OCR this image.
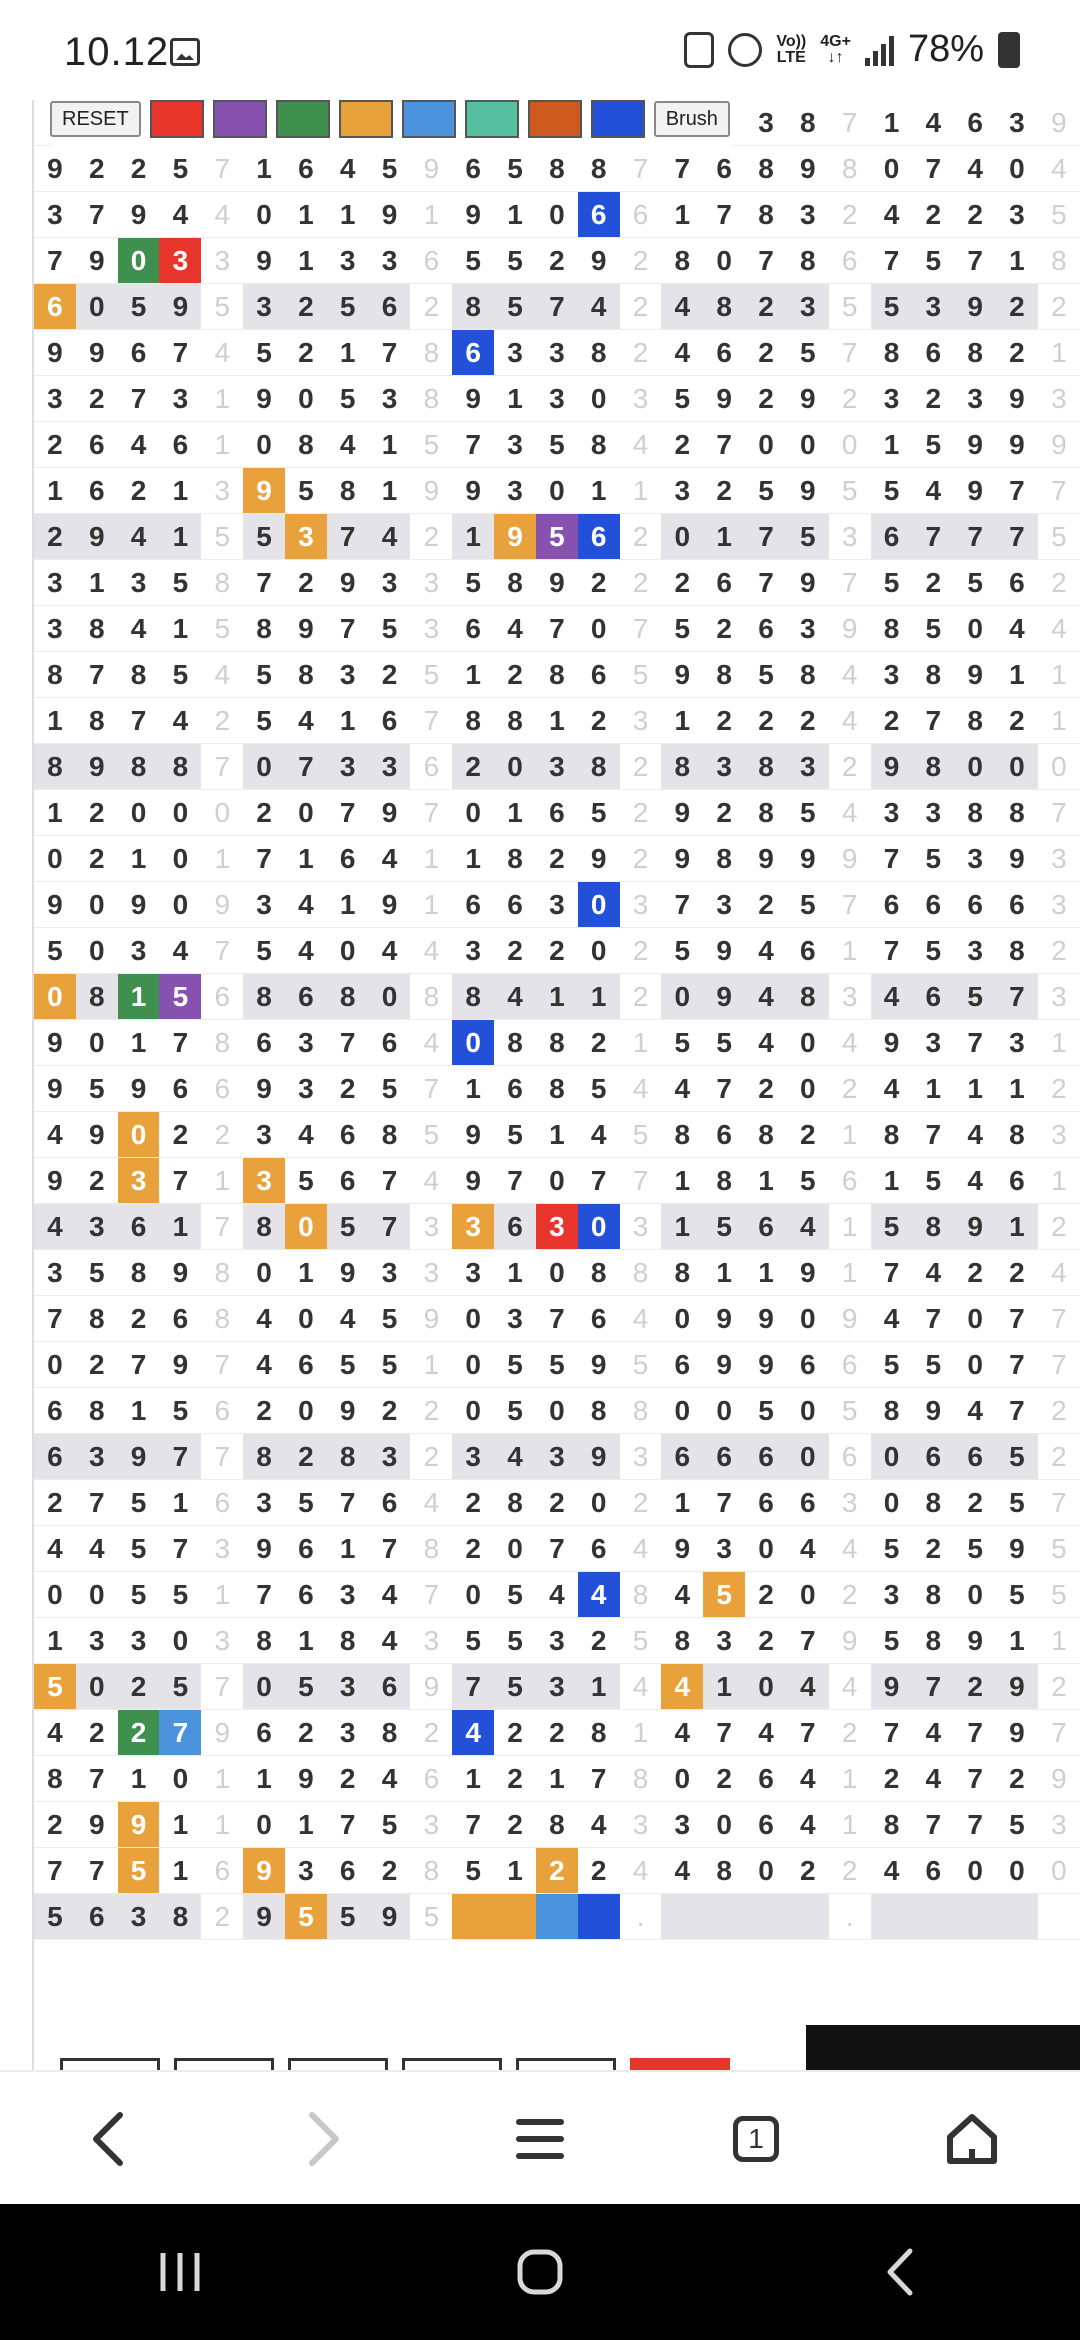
10.12	Vo))
LTE
4G+
↓↑ 78%
																	3	8	7	1	4	6	3	9
9	2	2	5	7	1	6	4	5	9	6	5	8	8	7	7	6	8	9	8	0	7	4	0	4
3	7	9	4	4	0	1	1	9	1	9	1	0	6	6	1	7	8	3	2	4	2	2	3	5
7	9	0	3	3	9	1	3	3	6	5	5	2	9	2	8	0	7	8	6	7	5	7	1	8
6	0	5	9	5	3	2	5	6	2	8	5	7	4	2	4	8	2	3	5	5	3	9	2	2
9	9	6	7	4	5	2	1	7	8	6	3	3	8	2	4	6	2	5	7	8	6	8	2	1
3	2	7	3	1	9	0	5	3	8	9	1	3	0	3	5	9	2	9	2	3	2	3	9	3
2	6	4	6	1	0	8	4	1	5	7	3	5	8	4	2	7	0	0	0	1	5	9	9	9
1	6	2	1	3	9	5	8	1	9	9	3	0	1	1	3	2	5	9	5	5	4	9	7	7
2	9	4	1	5	5	3	7	4	2	1	9	5	6	2	0	1	7	5	3	6	7	7	7	5
3	1	3	5	8	7	2	9	3	3	5	8	9	2	2	2	6	7	9	7	5	2	5	6	2
3	8	4	1	5	8	9	7	5	3	6	4	7	0	7	5	2	6	3	9	8	5	0	4	4
8	7	8	5	4	5	8	3	2	5	1	2	8	6	5	9	8	5	8	4	3	8	9	1	1
1	8	7	4	2	5	4	1	6	7	8	8	1	2	3	1	2	2	2	4	2	7	8	2	1
8	9	8	8	7	0	7	3	3	6	2	0	3	8	2	8	3	8	3	2	9	8	0	0	0
1	2	0	0	0	2	0	7	9	7	0	1	6	5	2	9	2	8	5	4	3	3	8	8	7
0	2	1	0	1	7	1	6	4	1	1	8	2	9	2	9	8	9	9	9	7	5	3	9	3
9	0	9	0	9	3	4	1	9	1	6	6	3	0	3	7	3	2	5	7	6	6	6	6	3
5	0	3	4	7	5	4	0	4	4	3	2	2	0	2	5	9	4	6	1	7	5	3	8	2
0	8	1	5	6	8	6	8	0	8	8	4	1	1	2	0	9	4	8	3	4	6	5	7	3
9	0	1	7	8	6	3	7	6	4	0	8	8	2	1	5	5	4	0	4	9	3	7	3	1
9	5	9	6	6	9	3	2	5	7	1	6	8	5	4	4	7	2	0	2	4	1	1	1	2
4	9	0	2	2	3	4	6	8	5	9	5	1	4	5	8	6	8	2	1	8	7	4	8	3
9	2	3	7	1	3	5	6	7	4	9	7	0	7	7	1	8	1	5	6	1	5	4	6	1
4	3	6	1	7	8	0	5	7	3	3	6	3	0	3	1	5	6	4	1	5	8	9	1	2
3	5	8	9	8	0	1	9	3	3	3	1	0	8	8	8	1	1	9	1	7	4	2	2	4
7	8	2	6	8	4	0	4	5	9	0	3	7	6	4	0	9	9	0	9	4	7	0	7	7
0	2	7	9	7	4	6	5	5	1	0	5	5	9	5	6	9	9	6	6	5	5	0	7	7
6	8	1	5	6	2	0	9	2	2	0	5	0	8	8	0	0	5	0	5	8	9	4	7	2
6	3	9	7	7	8	2	8	3	2	3	4	3	9	3	6	6	6	0	6	0	6	6	5	2
2	7	5	1	6	3	5	7	6	4	2	8	2	0	2	1	7	6	6	3	0	8	2	5	7
4	4	5	7	3	9	6	1	7	8	2	0	7	6	4	9	3	0	4	4	5	2	5	9	5
0	0	5	5	1	7	6	3	4	7	0	5	4	4	8	4	5	2	0	2	3	8	0	5	5
1	3	3	0	3	8	1	8	4	3	5	5	3	2	5	8	3	2	7	9	5	8	9	1	1
5	0	2	5	7	0	5	3	6	9	7	5	3	1	4	4	1	0	4	4	9	7	2	9	2
4	2	2	7	9	6	2	3	8	2	4	2	2	8	1	4	7	4	7	2	7	4	7	9	7
8	7	1	0	1	1	9	2	4	6	1	2	1	7	8	0	2	6	4	1	2	4	7	2	9
2	9	9	1	1	0	1	7	5	3	7	2	8	4	3	3	0	6	4	1	8	7	7	5	3
7	7	5	1	6	9	3	6	2	8	5	1	2	2	4	4	8	0	2	2	4	6	0	0	0
5	6	3	8	2	9	5	5	9	5					.					.					
RESET	Brush
1
